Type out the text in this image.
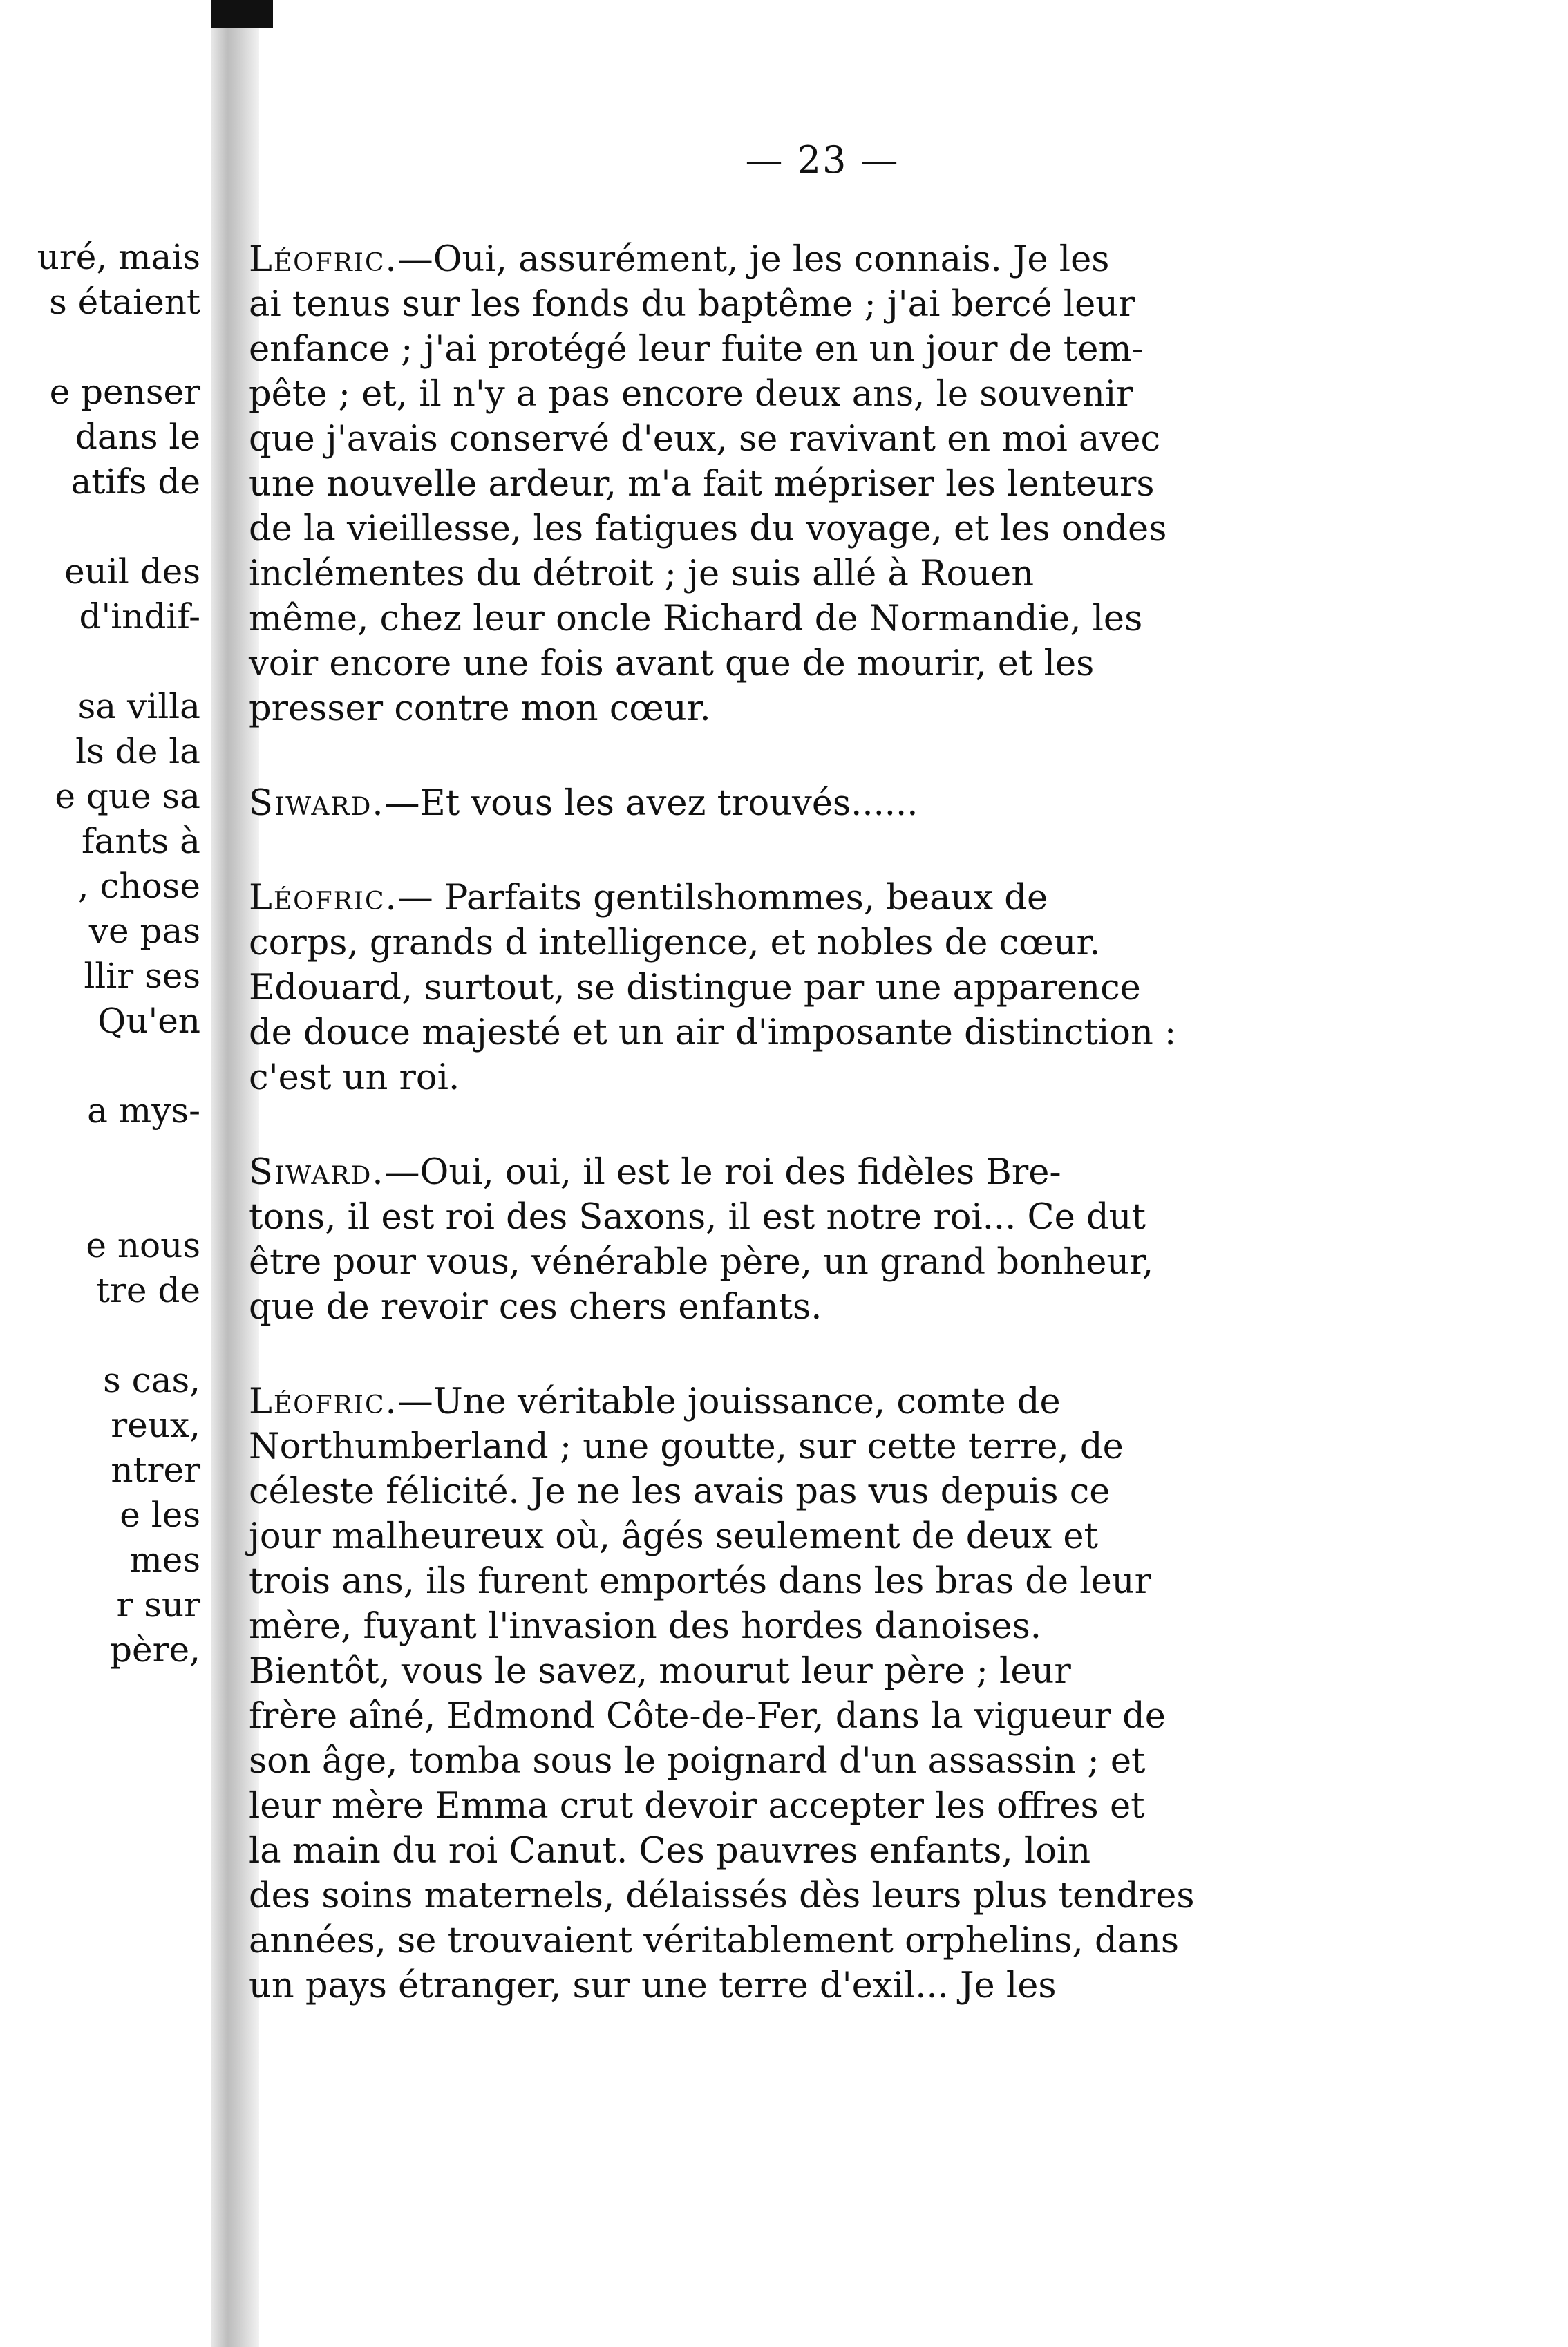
uré, mais
s étaient
e penser
dans le
atifs de
euil des
d'indif-
sa villa
ls de la
e que sa
fants à
, chose
ve pas
llir ses
Qu'en
a mys-
e nous
tre de
s cas,
reux,
ntrer
e les
mes
r sur
père,
— 23 —
Léofric.—Oui, assurément, je les connais. Je les
ai tenus sur les fonds du baptême ; j'ai bercé leur
enfance ; j'ai protégé leur fuite en un jour de tem-
pête ; et, il n'y a pas encore deux ans, le souvenir
que j'avais conservé d'eux, se ravivant en moi avec
une nouvelle ardeur, m'a fait mépriser les lenteurs
de la vieillesse, les fatigues du voyage, et les ondes
inclémentes du détroit ; je suis allé à Rouen
même, chez leur oncle Richard de Normandie, les
voir encore une fois avant que de mourir, et les
presser contre mon cœur.
Siward.—Et vous les avez trouvés......
Léofric.— Parfaits gentilshommes, beaux de
corps, grands d intelligence, et nobles de cœur.
Edouard, surtout, se distingue par une apparence
de douce majesté et un air d'imposante distinction :
c'est un roi.
Siward.—Oui, oui, il est le roi des fidèles Bre-
tons, il est roi des Saxons, il est notre roi... Ce dut
être pour vous, vénérable père, un grand bonheur,
que de revoir ces chers enfants.
Léofric.—Une véritable jouissance, comte de
Northumberland ; une goutte, sur cette terre, de
céleste félicité. Je ne les avais pas vus depuis ce
jour malheureux où, âgés seulement de deux et
trois ans, ils furent emportés dans les bras de leur
mère, fuyant l'invasion des hordes danoises.
Bientôt, vous le savez, mourut leur père ; leur
frère aîné, Edmond Côte-de-Fer, dans la vigueur de
son âge, tomba sous le poignard d'un assassin ; et
leur mère Emma crut devoir accepter les offres et
la main du roi Canut. Ces pauvres enfants, loin
des soins maternels, délaissés dès leurs plus tendres
années, se trouvaient véritablement orphelins, dans
un pays étranger, sur une terre d'exil... Je les
